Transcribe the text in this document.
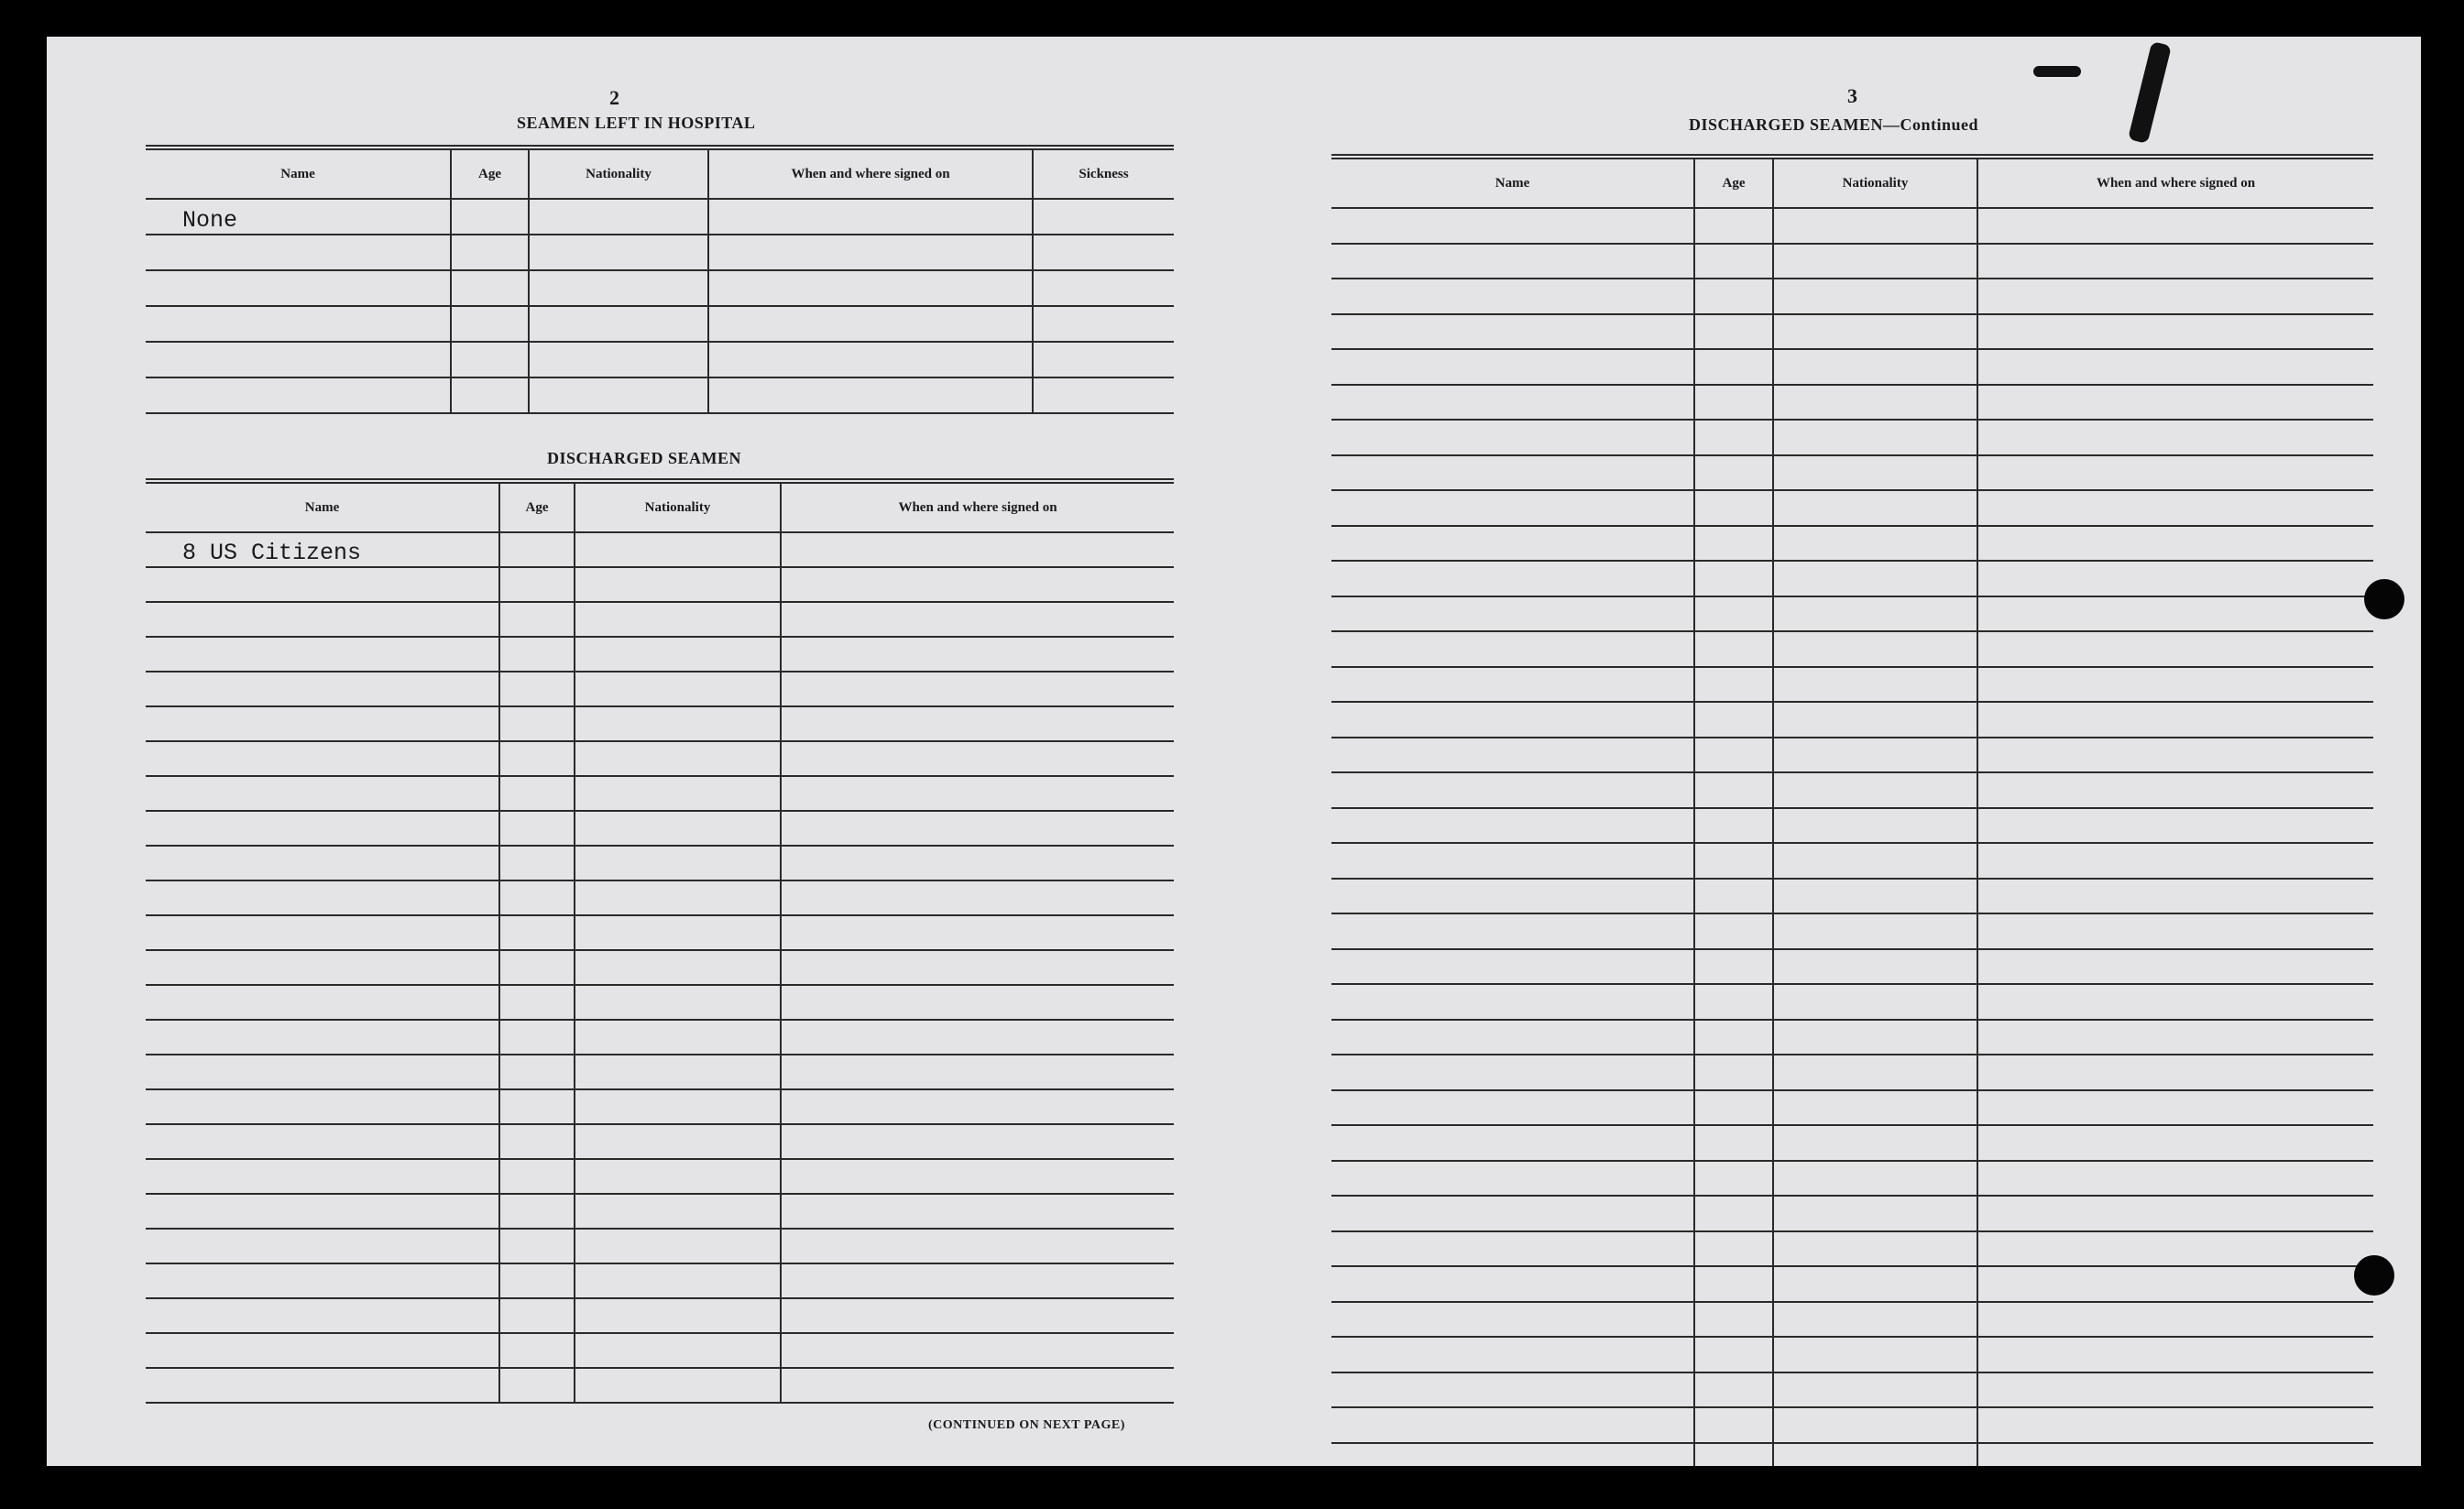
2
SEAMEN LEFT IN HOSPITAL
Name	Age	Nationality	When and where signed on	Sickness
None				

DISCHARGED SEAMEN
Name	Age	Nationality	When and where signed on
8 US Citizens			

(CONTINUED ON NEXT PAGE)
3
DISCHARGED SEAMEN—Continued
Name	Age	Nationality	When and where signed on
